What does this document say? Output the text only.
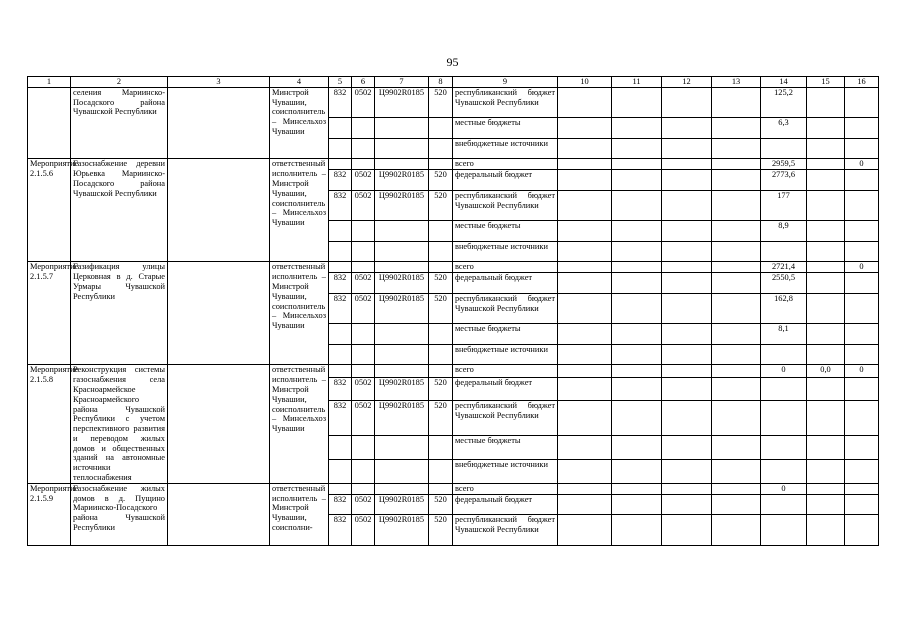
95
1	2	3	4	5	6	7	8	9	10	11	12	13	14	15	16
	селения Мариинско-Посадского района Чувашской Республики		Минстрой Чувашии, соисполнитель – Минсельхоз Чувашии	832	0502	Ц9902R0185	520	республиканский бюджет Чувашской Республики					125,2		
								местные бюджеты					6,3		
								внебюджетные источники							
Мероприятие 2.1.5.6	Газоснабжение деревни Юрьевка Мариинско-Посадского района Чувашской Республики		ответственный исполнитель – Минстрой Чувашии, соисполнитель – Минсельхоз Чувашии					всего					2959,5		0
				832	0502	Ц9902R0185	520	федеральный бюджет					2773,6		
				832	0502	Ц9902R0185	520	республиканский бюджет Чувашской Республики					177		
								местные бюджеты					8,9		
								внебюджетные источники							
Мероприятие 2.1.5.7	Газификация улицы Церковная в д. Старые Урмары Чувашской Республики		ответственный исполнитель – Минстрой Чувашии, соисполнитель – Минсельхоз Чувашии					всего					2721,4		0
				832	0502	Ц9902R0185	520	федеральный бюджет					2550,5		
				832	0502	Ц9902R0185	520	республиканский бюджет Чувашской Республики					162,8		
								местные бюджеты					8,1		
								внебюджетные источники							
Мероприятие 2.1.5.8	Реконструкция системы газоснабжения села Красноармейское Красноармейского района Чувашской Республики с учетом перспективного развития и переводом жилых домов и общественных зданий на автономные источники теплоснабжения		ответственный исполнитель – Минстрой Чувашии, соисполнитель – Минсельхоз Чувашии					всего					0	0,0	0
				832	0502	Ц9902R0185	520	федеральный бюджет							
				832	0502	Ц9902R0185	520	республиканский бюджет Чувашской Республики							
								местные бюджеты							
								внебюджетные источники							
Мероприятие 2.1.5.9	Газоснабжение жилых домов в д. Пущино Мариинско-Посадского района Чувашской Республики		ответственный исполнитель – Минстрой Чувашии, соисполни-					всего					0		
				832	0502	Ц9902R0185	520	федеральный бюджет							
				832	0502	Ц9902R0185	520	республиканский бюджет Чувашской Республики							
